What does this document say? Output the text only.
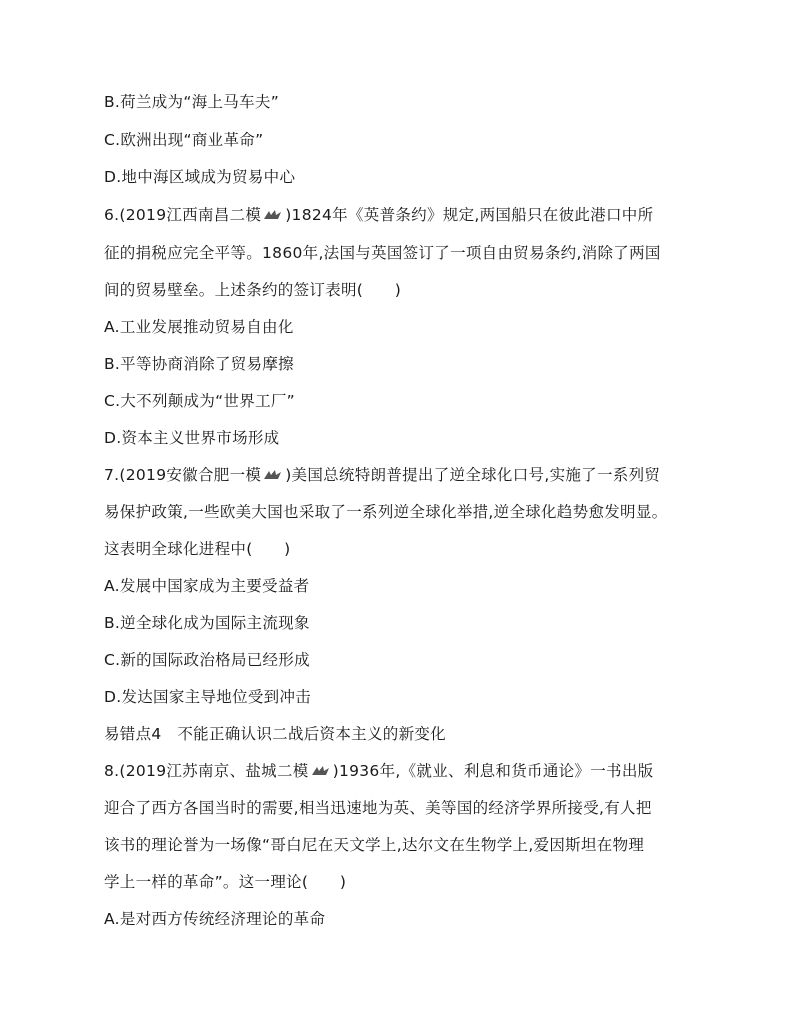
B.荷兰成为“海上马车夫”
C.欧洲出现“商业革命”
D.地中海区域成为贸易中心
6.(2019江西南昌二模 )1824年《英普条约》规定,两国船只在彼此港口中所
征的捐税应完全平等。1860年,法国与英国签订了一项自由贸易条约,消除了两国
间的贸易壁垒。上述条约的签订表明(　　)
A.工业发展推动贸易自由化
B.平等协商消除了贸易摩擦
C.大不列颠成为“世界工厂”
D.资本主义世界市场形成
7.(2019安徽合肥一模 )美国总统特朗普提出了逆全球化口号,实施了一系列贸
易保护政策,一些欧美大国也采取了一系列逆全球化举措,逆全球化趋势愈发明显。
这表明全球化进程中(　　)
A.发展中国家成为主要受益者
B.逆全球化成为国际主流现象
C.新的国际政治格局已经形成
D.发达国家主导地位受到冲击
易错点4　不能正确认识二战后资本主义的新变化
8.(2019江苏南京、盐城二模 )1936年,《就业、利息和货币通论》一书出版
迎合了西方各国当时的需要,相当迅速地为英、美等国的经济学界所接受,有人把
该书的理论誉为一场像“哥白尼在天文学上,达尔文在生物学上,爱因斯坦在物理
学上一样的革命”。这一理论(　　)
A.是对西方传统经济理论的革命
